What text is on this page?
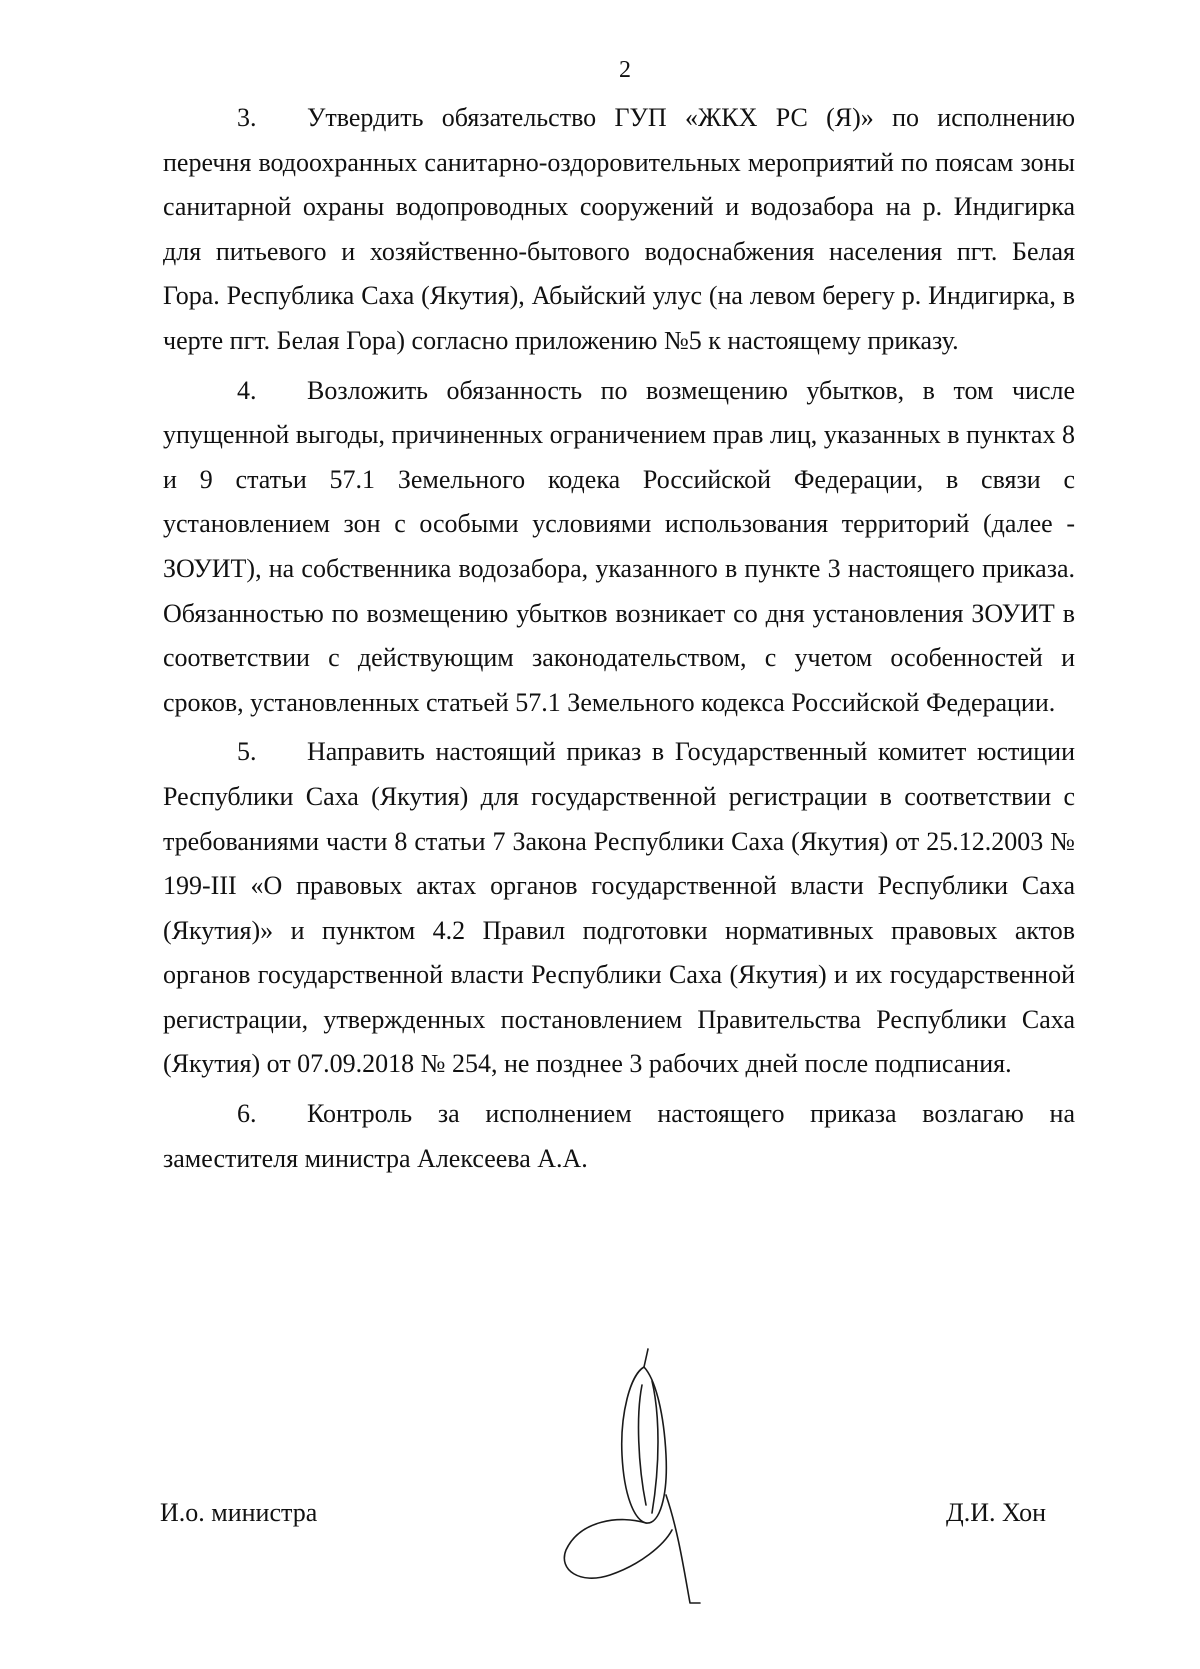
2

3. Утвердить обязательство ГУП «ЖКХ РС (Я)» по исполнению перечня водоохранных санитарно-оздоровительных мероприятий по поясам зоны санитарной охраны водопроводных сооружений и водозабора на р. Индигирка для питьевого и хозяйственно-бытового водоснабжения населения пгт. Белая Гора. Республика Саха (Якутия), Абыйский улус (на левом берегу р. Индигирка, в черте пгт. Белая Гора) согласно приложению №5 к настоящему приказу.

4. Возложить обязанность по возмещению убытков, в том числе упущенной выгоды, причиненных ограничением прав лиц, указанных в пунктах 8 и 9 статьи 57.1 Земельного кодека Российской Федерации, в связи с установлением зон с особыми условиями использования территорий (далее - ЗОУИТ), на собственника водозабора, указанного в пункте 3 настоящего приказа. Обязанностью по возмещению убытков возникает со дня установления ЗОУИТ в соответствии с действующим законодательством, с учетом особенностей и сроков, установленных статьей 57.1 Земельного кодекса Российской Федерации.

5. Направить настоящий приказ в Государственный комитет юстиции Республики Саха (Якутия) для государственной регистрации в соответствии с требованиями части 8 статьи 7 Закона Республики Саха (Якутия) от 25.12.2003 № 199-III «О правовых актах органов государственной власти Республики Саха (Якутия)» и пунктом 4.2 Правил подготовки нормативных правовых актов органов государственной власти Республики Саха (Якутия) и их государственной регистрации, утвержденных постановлением Правительства Республики Саха (Якутия) от 07.09.2018 № 254, не позднее 3 рабочих дней после подписания.

6. Контроль за исполнением настоящего приказа возлагаю на заместителя министра Алексеева А.А.

И.о. министра	Д.И. Хон
